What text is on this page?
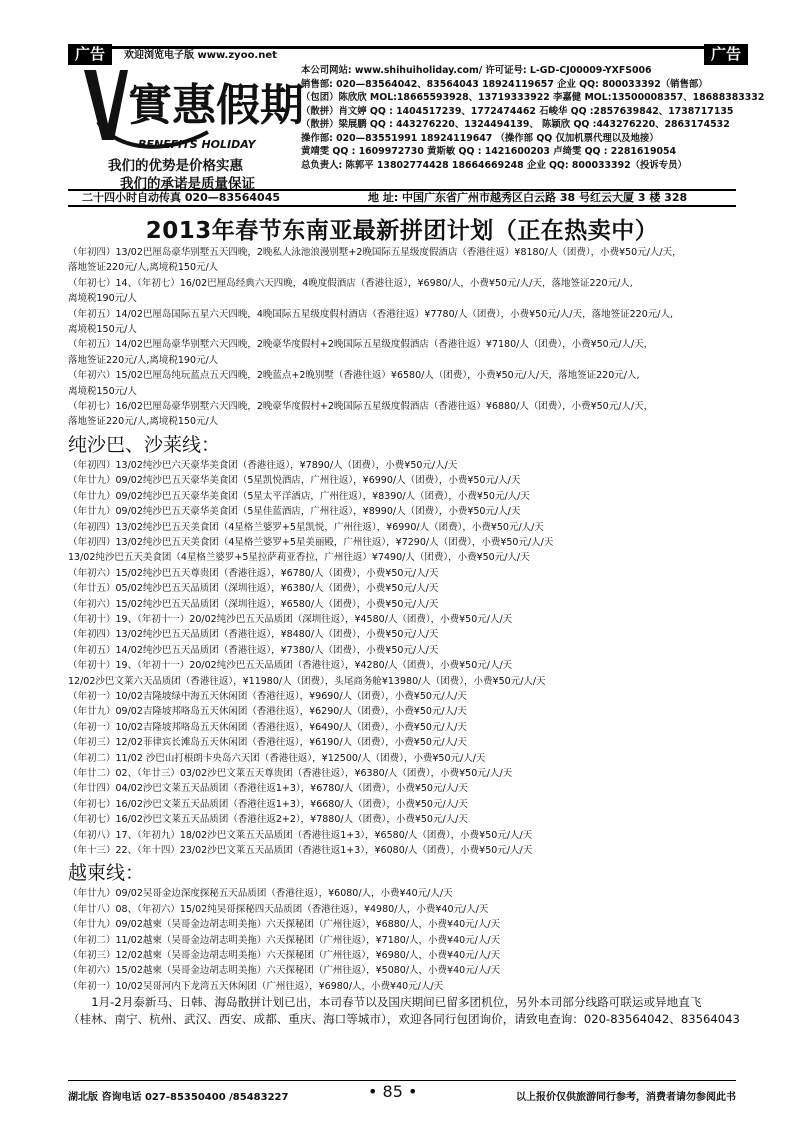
广告	欢迎浏览电子版 www.zyoo.net	广告
實惠假期
BENEFITS HOLIDAY
我们的优势是价格实惠
我们的承诺是质量保证
本公司网站: www.shihuiholiday.com/ 许可证号: L-GD-CJ00009-YXFS006
销售部: 020—83564042、83564043 18924119657 企业 QQ: 800033392（销售部）
（包团）陈欣欣 MOL:18665593928、13719333922 李嘉健 MOL:13500008357、18688383332
（散拼）肖文婷 QQ : 1404517239、1772474462 石峻华 QQ :2857639842、1738717135
（散拼）梁展鹏 QQ : 443276220、1324494139、 陈颖欣 QQ :443276220、2863174532
操作部: 020—83551991 18924119647 （操作部 QQ 仅加机票代理以及地接）
黄靖雯 QQ : 1609972730 黄斯敏 QQ : 1421600203 卢绮雯 QQ : 2281619054
总负责人: 陈郭平 13802774428 18664669248 企业 QQ: 800033392（投诉专员）
二十四小时自动传真 020—83564045	地 址: 中国广东省广州市越秀区白云路 38 号红云大厦 3 楼 328
2013年春节东南亚最新拼团计划（正在热卖中）
（年初四）13/02巴厘岛豪华别墅五天四晚，2晚私人泳池浪漫别墅+2晚国际五星级度假酒店（香港往返）¥8180/人（团费），小费¥50元/人/天，
落地签证220元/人,离境税150元/人
（年初七）14、（年初七）16/02巴厘岛经典六天四晚，4晚度假酒店（香港往返），¥6980/人，小费¥50元/人/天，落地签证220元/人,
离境税190元/人
（年初五）14/02巴厘岛国际五星六天四晚，4晚国际五星级度假村酒店（香港往返）¥7780/人（团费），小费¥50元/人/天，落地签证220元/人,
离境税150元/人
（年初五）14/02巴厘岛豪华别墅六天四晚，2晚豪华度假村+2晚国际五星级度假酒店（香港往返）¥7180/人（团费），小费¥50元/人/天，
落地签证220元/人,离境税190元/人
（年初六）15/02巴厘岛纯玩蓝点五天四晚，2晚蓝点+2晚别墅（香港往返）¥6580/人（团费），小费¥50元/人/天，落地签证220元/人,
离境税150元/人
（年初七）16/02巴厘岛豪华别墅六天四晚，2晚豪华度假村+2晚国际五星级度假酒店（香港往返）¥6880/人（团费），小费¥50元/人/天，
落地签证220元/人,离境税150元/人
纯沙巴、沙莱线：
（年初四）13/02纯沙巴六天豪华美食团（香港往返），¥7890/人（团费），小费¥50元/人/天
（年廿九）09/02纯沙巴五天豪华美食团（5星凯悦酒店，广州往返），¥6990/人（团费），小费¥50元/人/天
（年廿九）09/02纯沙巴五天豪华美食团（5星太平洋酒店，广州往返），¥8390/人（团费），小费¥50元/人/天
（年廿九）09/02纯沙巴五天豪华美食团（5星佳蓝酒店，广州往返），¥8990/人（团费），小费¥50元/人/天
（年初四）13/02纯沙巴五天美食团（4星格兰婆罗+5星凯悦，广州往返），¥6990/人（团费），小费¥50元/人/天
（年初四）13/02纯沙巴五天美食团（4星格兰婆罗+5星美丽殿，广州往返），¥7290/人（团费），小费¥50元/人/天
13/02纯沙巴五天美食团（4星格兰婆罗+5星拉萨莉亚香拉，广州往返）¥7490/人（团费），小费¥50元/人/天
（年初六）15/02纯沙巴五天尊贵团（香港往返），¥6780/人（团费），小费¥50元/人/天
（年廿五）05/02纯沙巴五天品质团（深圳往返），¥6380/人（团费），小费¥50元/人/天
（年初六）15/02纯沙巴五天品质团（深圳往返），¥6580/人（团费），小费¥50元/人/天
（年初十）19、（年初十一）20/02纯沙巴五天品质团（深圳往返），¥4580/人（团费），小费¥50元/人/天
（年初四）13/02纯沙巴五天品质团（香港往返），¥8480/人（团费），小费¥50元/人/天
（年初五）14/02纯沙巴五天品质团（香港往返），¥7380/人（团费），小费¥50元/人/天
（年初十）19、（年初十一）20/02纯沙巴五天品质团（香港往返），¥4280/人（团费），小费¥50元/人/天
12/02沙巴文莱六天品质团（香港往返），¥11980/人（团费），头尾商务舱¥13980/人（团费），小费¥50元/人/天
（年初一）10/02吉隆坡绿中海五天休闲团（香港往返），¥9690/人（团费），小费¥50元/人/天
（年廿九）09/02吉隆坡邦咯岛五天休闲团（香港往返），¥6290/人（团费），小费¥50元/人/天
（年初一）10/02吉隆坡邦咯岛五天休闲团（香港往返），¥6490/人（团费），小费¥50元/人/天
（年初三）12/02菲律宾长滩岛五天休闲团（香港往返），¥6190/人（团费），小费¥50元/人/天
（年初二）11/02 沙巴山打根朗卡央岛六天团（香港往返），¥12500/人（团费），小费¥50元/人/天
（年廿二）02、（年廿三）03/02沙巴文莱五天尊贵团（香港往返），¥6380/人（团费），小费¥50元/人/天
（年廿四）04/02沙巴文莱五天品质团（香港往返1+3），¥6780/人（团费），小费¥50元/人/天
（年初七）16/02沙巴文莱五天品质团（香港往返1+3），¥6680/人（团费），小费¥50元/人/天
（年初七）16/02沙巴文莱五天品质团（香港往返2+2），¥7880/人（团费），小费¥50元/人/天
（年初八）17、（年初九）18/02沙巴文莱五天品质团（香港往返1+3），¥6580/人（团费），小费¥50元/人/天
（年十三）22、（年十四）23/02沙巴文莱五天品质团（香港往返1+3），¥6080/人（团费），小费¥50元/人/天
越柬线：
（年廿九）09/02吴哥金边深度探秘五天品质团（香港往返），¥6080/人，小费¥40元/人/天
（年廿八）08、（年初六）15/02纯吴哥探秘四天品质团（香港往返），¥4980/人，小费¥40元/人/天
（年廿九）09/02越柬（吴哥金边胡志明美拖）六天探秘团（广州往返），¥6880/人，小费¥40元/人/天
（年初二）11/02越柬（吴哥金边胡志明美拖）六天探秘团（广州往返），¥7180/人，小费¥40元/人/天
（年初三）12/02越柬（吴哥金边胡志明美拖）六天探秘团（广州往返），¥6980/人，小费¥40元/人/天
（年初六）15/02越柬（吴哥金边胡志明美拖）六天探秘团（广州往返），¥5080/人，小费¥40元/人/天
（年初一）10/02吴哥河内下龙湾五天休闲团（广州往返），¥6980/人，小费¥40元/人/天
　　1月-2月泰新马、日韩、海岛散拼计划已出，本司春节以及国庆期间已留多团机位，另外本司部分线路可联运或异地直飞
（桂林、南宁、杭州、武汉、西安、成都、重庆、海口等城市），欢迎各同行包团询价，请致电查询：020-83564042、83564043
湖北版 咨询电话 027-85350400 /85483227	• 85 •	以上报价仅供旅游同行参考，消费者请勿参阅此书
